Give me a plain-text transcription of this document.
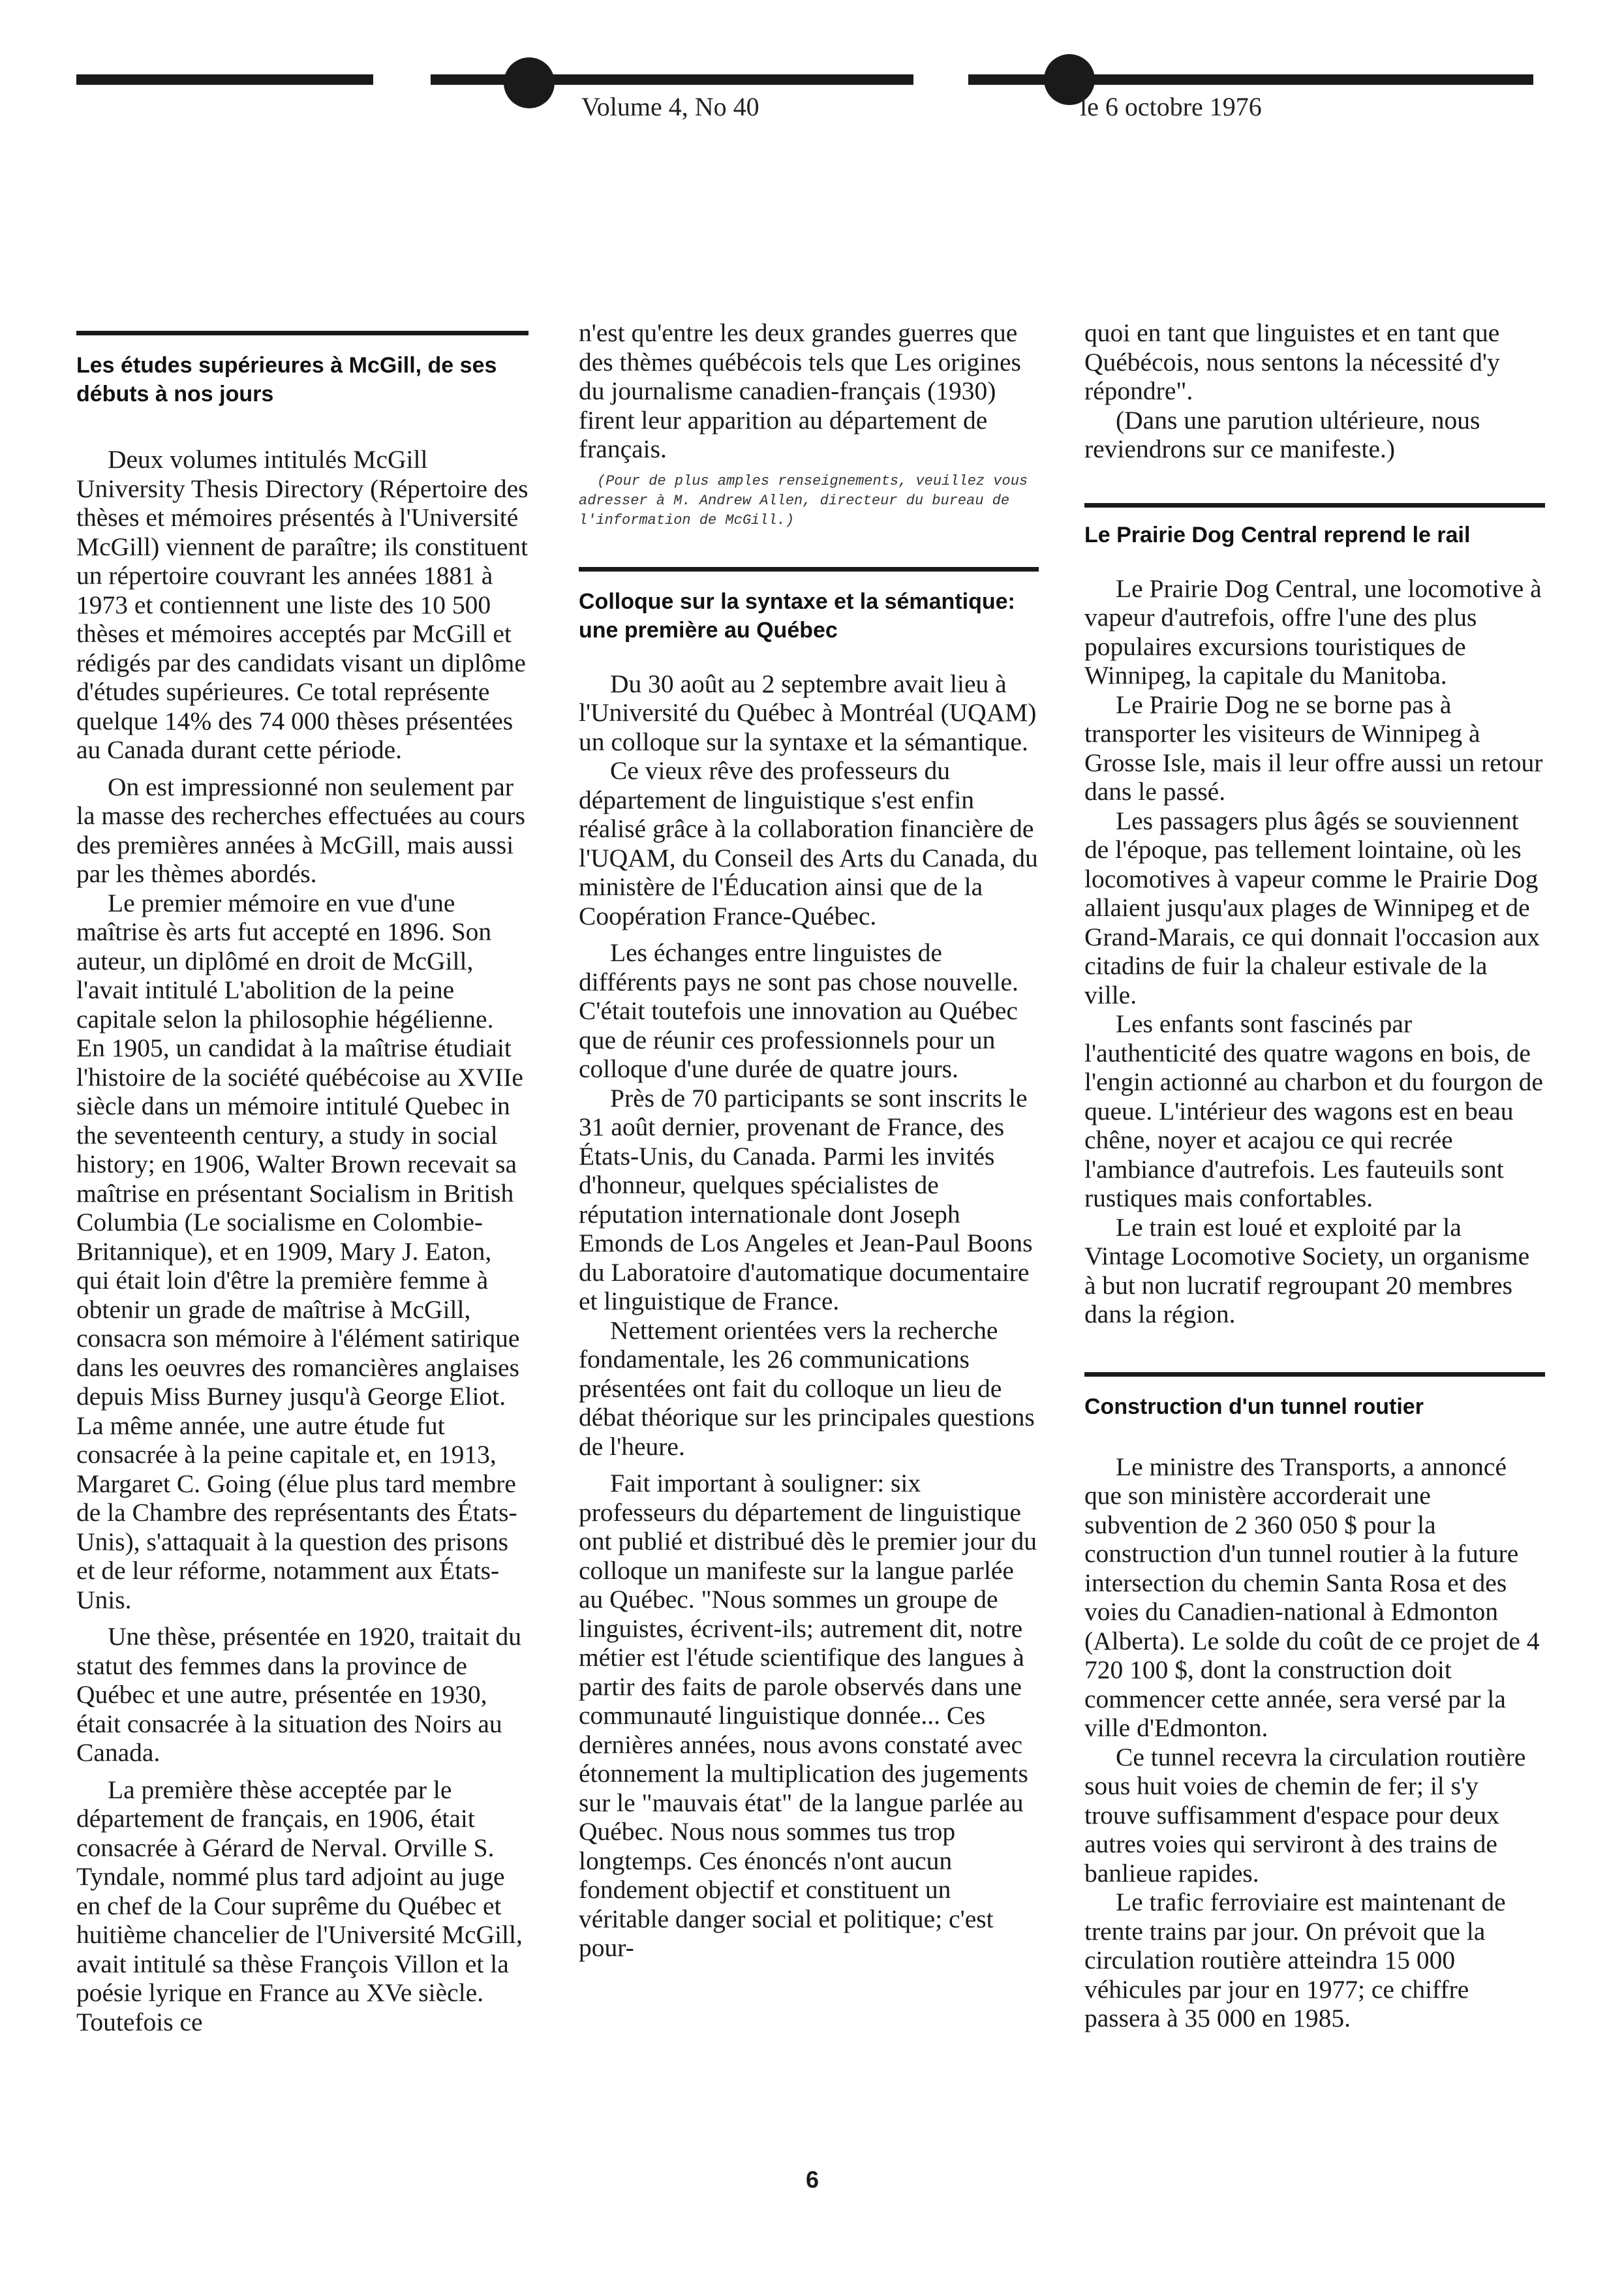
Volume 4, No 40	le 6 octobre 1976
Les études supérieures à McGill, de ses débuts à nos jours

Deux volumes intitulés McGill University Thesis Directory (Répertoire des thèses et mémoires présentés à l'Université McGill) viennent de paraître; ils constituent un répertoire couvrant les années 1881 à 1973 et contiennent une liste des 10 500 thèses et mémoires acceptés par McGill et rédigés par des candidats visant un diplôme d'études supérieures. Ce total représente quelque 14% des 74 000 thèses présentées au Canada durant cette période.

On est impressionné non seulement par la masse des recherches effectuées au cours des premières années à McGill, mais aussi par les thèmes abordés.

Le premier mémoire en vue d'une maîtrise ès arts fut accepté en 1896. Son auteur, un diplômé en droit de McGill, l'avait intitulé L'abolition de la peine capitale selon la philosophie hégélienne. En 1905, un candidat à la maîtrise étudiait l'histoire de la société québécoise au XVIIe siècle dans un mémoire intitulé Quebec in the seventeenth century, a study in social history; en 1906, Walter Brown recevait sa maîtrise en présentant Socialism in British Columbia (Le socialisme en Colombie-Britannique), et en 1909, Mary J. Eaton, qui était loin d'être la première femme à obtenir un grade de maîtrise à McGill, consacra son mémoire à l'élément satirique dans les oeuvres des romancières anglaises depuis Miss Burney jusqu'à George Eliot. La même année, une autre étude fut consacrée à la peine capitale et, en 1913, Margaret C. Going (élue plus tard membre de la Chambre des représentants des États-Unis), s'attaquait à la question des prisons et de leur réforme, notamment aux États-Unis.

Une thèse, présentée en 1920, traitait du statut des femmes dans la province de Québec et une autre, présentée en 1930, était consacrée à la situation des Noirs au Canada.

La première thèse acceptée par le département de français, en 1906, était consacrée à Gérard de Nerval. Orville S. Tyndale, nommé plus tard adjoint au juge en chef de la Cour suprême du Québec et huitième chancelier de l'Université McGill, avait intitulé sa thèse François Villon et la poésie lyrique en France au XVe siècle. Toutefois ce

n'est qu'entre les deux grandes guerres que des thèmes québécois tels que Les origines du journalisme canadien-français (1930) firent leur apparition au département de français.

(Pour de plus amples renseignements, veuillez vous adresser à M. Andrew Allen, directeur du bureau de l'information de McGill.)

Colloque sur la syntaxe et la sémantique: une première au Québec

Du 30 août au 2 septembre avait lieu à l'Université du Québec à Montréal (UQAM) un colloque sur la syntaxe et la sémantique.

Ce vieux rêve des professeurs du département de linguistique s'est enfin réalisé grâce à la collaboration financière de l'UQAM, du Conseil des Arts du Canada, du ministère de l'Éducation ainsi que de la Coopération France-Québec.

Les échanges entre linguistes de différents pays ne sont pas chose nouvelle. C'était toutefois une innovation au Québec que de réunir ces professionnels pour un colloque d'une durée de quatre jours.

Près de 70 participants se sont inscrits le 31 août dernier, provenant de France, des États-Unis, du Canada. Parmi les invités d'honneur, quelques spécialistes de réputation internationale dont Joseph Emonds de Los Angeles et Jean-Paul Boons du Laboratoire d'automatique documentaire et linguistique de France.

Nettement orientées vers la recherche fondamentale, les 26 communications présentées ont fait du colloque un lieu de débat théorique sur les principales questions de l'heure.

Fait important à souligner: six professeurs du département de linguistique ont publié et distribué dès le premier jour du colloque un manifeste sur la langue parlée au Québec. "Nous sommes un groupe de linguistes, écrivent-ils; autrement dit, notre métier est l'étude scientifique des langues à partir des faits de parole observés dans une communauté linguistique donnée... Ces dernières années, nous avons constaté avec étonnement la multiplication des jugements sur le "mauvais état" de la langue parlée au Québec. Nous nous sommes tus trop longtemps. Ces énoncés n'ont aucun fondement objectif et constituent un véritable danger social et politique; c'est pour-

quoi en tant que linguistes et en tant que Québécois, nous sentons la nécessité d'y répondre".

(Dans une parution ultérieure, nous reviendrons sur ce manifeste.)

Le Prairie Dog Central reprend le rail

Le Prairie Dog Central, une locomotive à vapeur d'autrefois, offre l'une des plus populaires excursions touristiques de Winnipeg, la capitale du Manitoba.

Le Prairie Dog ne se borne pas à transporter les visiteurs de Winnipeg à Grosse Isle, mais il leur offre aussi un retour dans le passé.

Les passagers plus âgés se souviennent de l'époque, pas tellement lointaine, où les locomotives à vapeur comme le Prairie Dog allaient jusqu'aux plages de Winnipeg et de Grand-Marais, ce qui donnait l'occasion aux citadins de fuir la chaleur estivale de la ville.

Les enfants sont fascinés par l'authenticité des quatre wagons en bois, de l'engin actionné au charbon et du fourgon de queue. L'intérieur des wagons est en beau chêne, noyer et acajou ce qui recrée l'ambiance d'autrefois. Les fauteuils sont rustiques mais confortables.

Le train est loué et exploité par la Vintage Locomotive Society, un organisme à but non lucratif regroupant 20 membres dans la région.

Construction d'un tunnel routier

Le ministre des Transports, a annoncé que son ministère accorderait une subvention de 2 360 050 $ pour la construction d'un tunnel routier à la future intersection du chemin Santa Rosa et des voies du Canadien-national à Edmonton (Alberta). Le solde du coût de ce projet de 4 720 100 $, dont la construction doit commencer cette année, sera versé par la ville d'Edmonton.

Ce tunnel recevra la circulation routière sous huit voies de chemin de fer; il s'y trouve suffisamment d'espace pour deux autres voies qui serviront à des trains de banlieue rapides.

Le trafic ferroviaire est maintenant de trente trains par jour. On prévoit que la circulation routière atteindra 15 000 véhicules par jour en 1977; ce chiffre passera à 35 000 en 1985.

6
